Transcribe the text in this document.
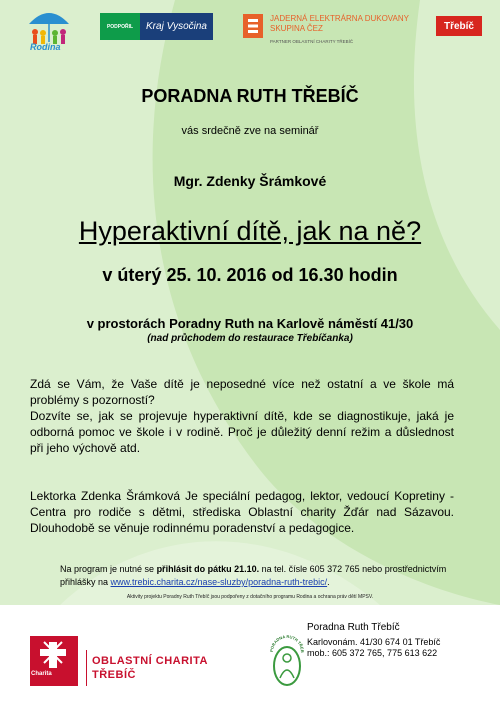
Rodina
PODPOŘIL	Kraj Vysočina
JADERNÁ ELEKTRÁRNA DUKOVANY
SKUPINA ČEZ
PARTNER OBLASTNÍ CHARITY TŘEBÍČ
Třebíč
PORADNA RUTH TŘEBÍČ
vás srdečně zve na seminář
Mgr. Zdenky Šrámkové
Hyperaktivní dítě, jak na ně?
v úterý 25. 10. 2016 od 16.30 hodin
v prostorách Poradny Ruth na Karlově náměstí 41/30
(nad průchodem do restaurace Třebíčanka)
Zdá se Vám, že Vaše dítě je neposedné více než ostatní a ve škole má problémy s pozorností?
Dozvíte se, jak se projevuje hyperaktivní dítě, kde se diagnostikuje, jaká je odborná pomoc ve škole i v rodině. Proč je důležitý denní režim a důslednost při jeho výchově atd.
Lektorka Zdenka Šrámková Je speciální pedagog, lektor, vedoucí Kopretiny - Centra pro rodiče s dětmi, střediska Oblastní charity Žďár nad Sázavou. Dlouhodobě se věnuje rodinnému poradenství a pedagogice.
Na program je nutné se přihlásit do pátku 21.10. na tel. čísle 605 372 765 nebo prostřednictvím přihlášky na www.trebic.charita.cz/nase-sluzby/poradna-ruth-trebic/.
Aktivity projektu Poradny Ruth Třebíč jsou podpořeny z dotačního programu Rodina a ochrana práv dětí MPSV.
Charita
OBLASTNÍ CHARITA
TŘEBÍČ
PORADNA RUTH TŘEB
Poradna Ruth Třebíč
Karlovonám. 41/30 674 01 Třebíč
mob.: 605 372 765, 775 613 622
